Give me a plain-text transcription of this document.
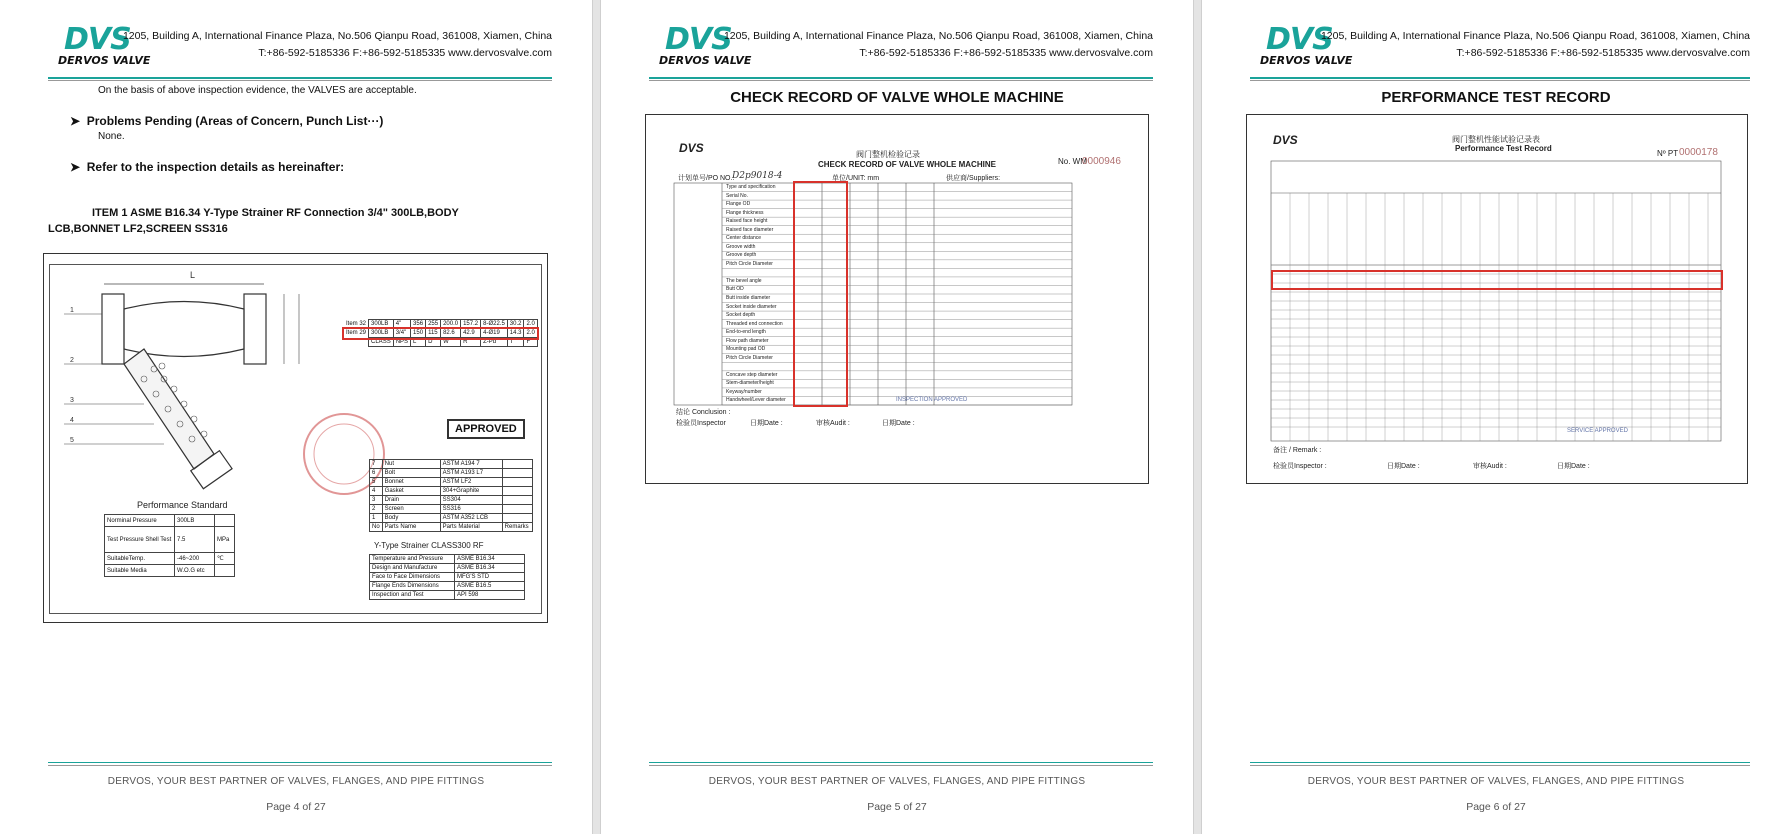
DVS
DERVOS VALVE
1205, Building A, International Finance Plaza, No.506 Qianpu Road, 361008, Xiamen, China
T:+86-592-5185336 F:+86-592-5185335 www.dervosvalve.com
On the basis of above inspection evidence, the VALVES are acceptable.
➤  Problems Pending (Areas of Concern, Punch List···)
None.
➤  Refer to the inspection details as hereinafter:
ITEM 1 ASME B16.34 Y-Type Strainer RF Connection 3/4" 300LB,BODY
LCB,BONNET LF2,SCREEN SS316
L
1
2
3
4
5
Item 32	300LB	4"	356	255	200.0	157.2	8-Ø22.5	30.2	2.0
Item 29	300LB	3/4"	150	115	82.6	42.9	4-Ø19	14.3	2.0
	CLASS	NPS	L	D	W	R	Z-Pd	T	F
APPROVED
Performance Standard
Norminal Pressure	300LB	
Test Pressure Shell Test	7.5	MPa
SuitableTemp.	-46~200	℃
Suitable Media	W.O.G etc	
7	Nut	ASTM A194 7	
6	Bolt	ASTM A193 L7	
5	Bonnet	ASTM LF2	
4	Gasket	304+Graphite	
3	Drain	SS304	
2	Screen	SS316	
1	Body	ASTM A352 LCB	
No	Parts Name	Parts Material	Remarks
Y-Type Strainer CLASS300 RF
Temperature and Pressure	ASME B16.34
Design and Manufacture	ASME B16.34
Face to Face Dimensions	MFG'S STD
Flange Ends Dimensions	ASME B16.5
Inspection and Test	API 598
DERVOS, YOUR BEST PARTNER OF VALVES, FLANGES, AND PIPE FITTINGS
Page 4 of 27
DVS
DERVOS VALVE
1205, Building A, International Finance Plaza, No.506 Qianpu Road, 361008, Xiamen, China
T:+86-592-5185336 F:+86-592-5185335 www.dervosvalve.com
CHECK RECORD OF VALVE WHOLE MACHINE
DVS	阀门整机检验记录
CHECK RECORD OF VALVE WHOLE MACHINE	No. WM
0000946
计划单号/PO NO.:
D2p9018-4	单位/UNIT: mm	供应商/Suppliers:
Type and specification
Serial No.
Flange OD
Flange thickness
Raised face height
Raised face diameter
Center distance
Groove width
Groove depth
Pitch Circle Diameter
The bevel angle
Butt OD
Butt inside diameter
Socket inside diameter
Socket depth
Threaded end connection
End-to-end length
Flow path diameter
Mounting pad OD
Pitch Circle Diameter
Concave step diameter
Stem-diameter/height
Keyway/number
Handwheel/Lever diameter
结论 Conclusion :
检验员Inspector	日期Date :	审核Audit :	日期Date :
INSPECTION APPROVED
DERVOS, YOUR BEST PARTNER OF VALVES, FLANGES, AND PIPE FITTINGS
Page 5 of 27
DVS
DERVOS VALVE
1205, Building A, International Finance Plaza, No.506 Qianpu Road, 361008, Xiamen, China
T:+86-592-5185336 F:+86-592-5185335 www.dervosvalve.com
PERFORMANCE TEST RECORD
DVS	阀门整机性能试验记录表
Performance Test Record
Nº PT 0000178
备注 / Remark :
检验员Inspector :	日期Date :	审核Audit :	日期Date :
SERVICE APPROVED
DERVOS, YOUR BEST PARTNER OF VALVES, FLANGES, AND PIPE FITTINGS
Page 6 of 27
